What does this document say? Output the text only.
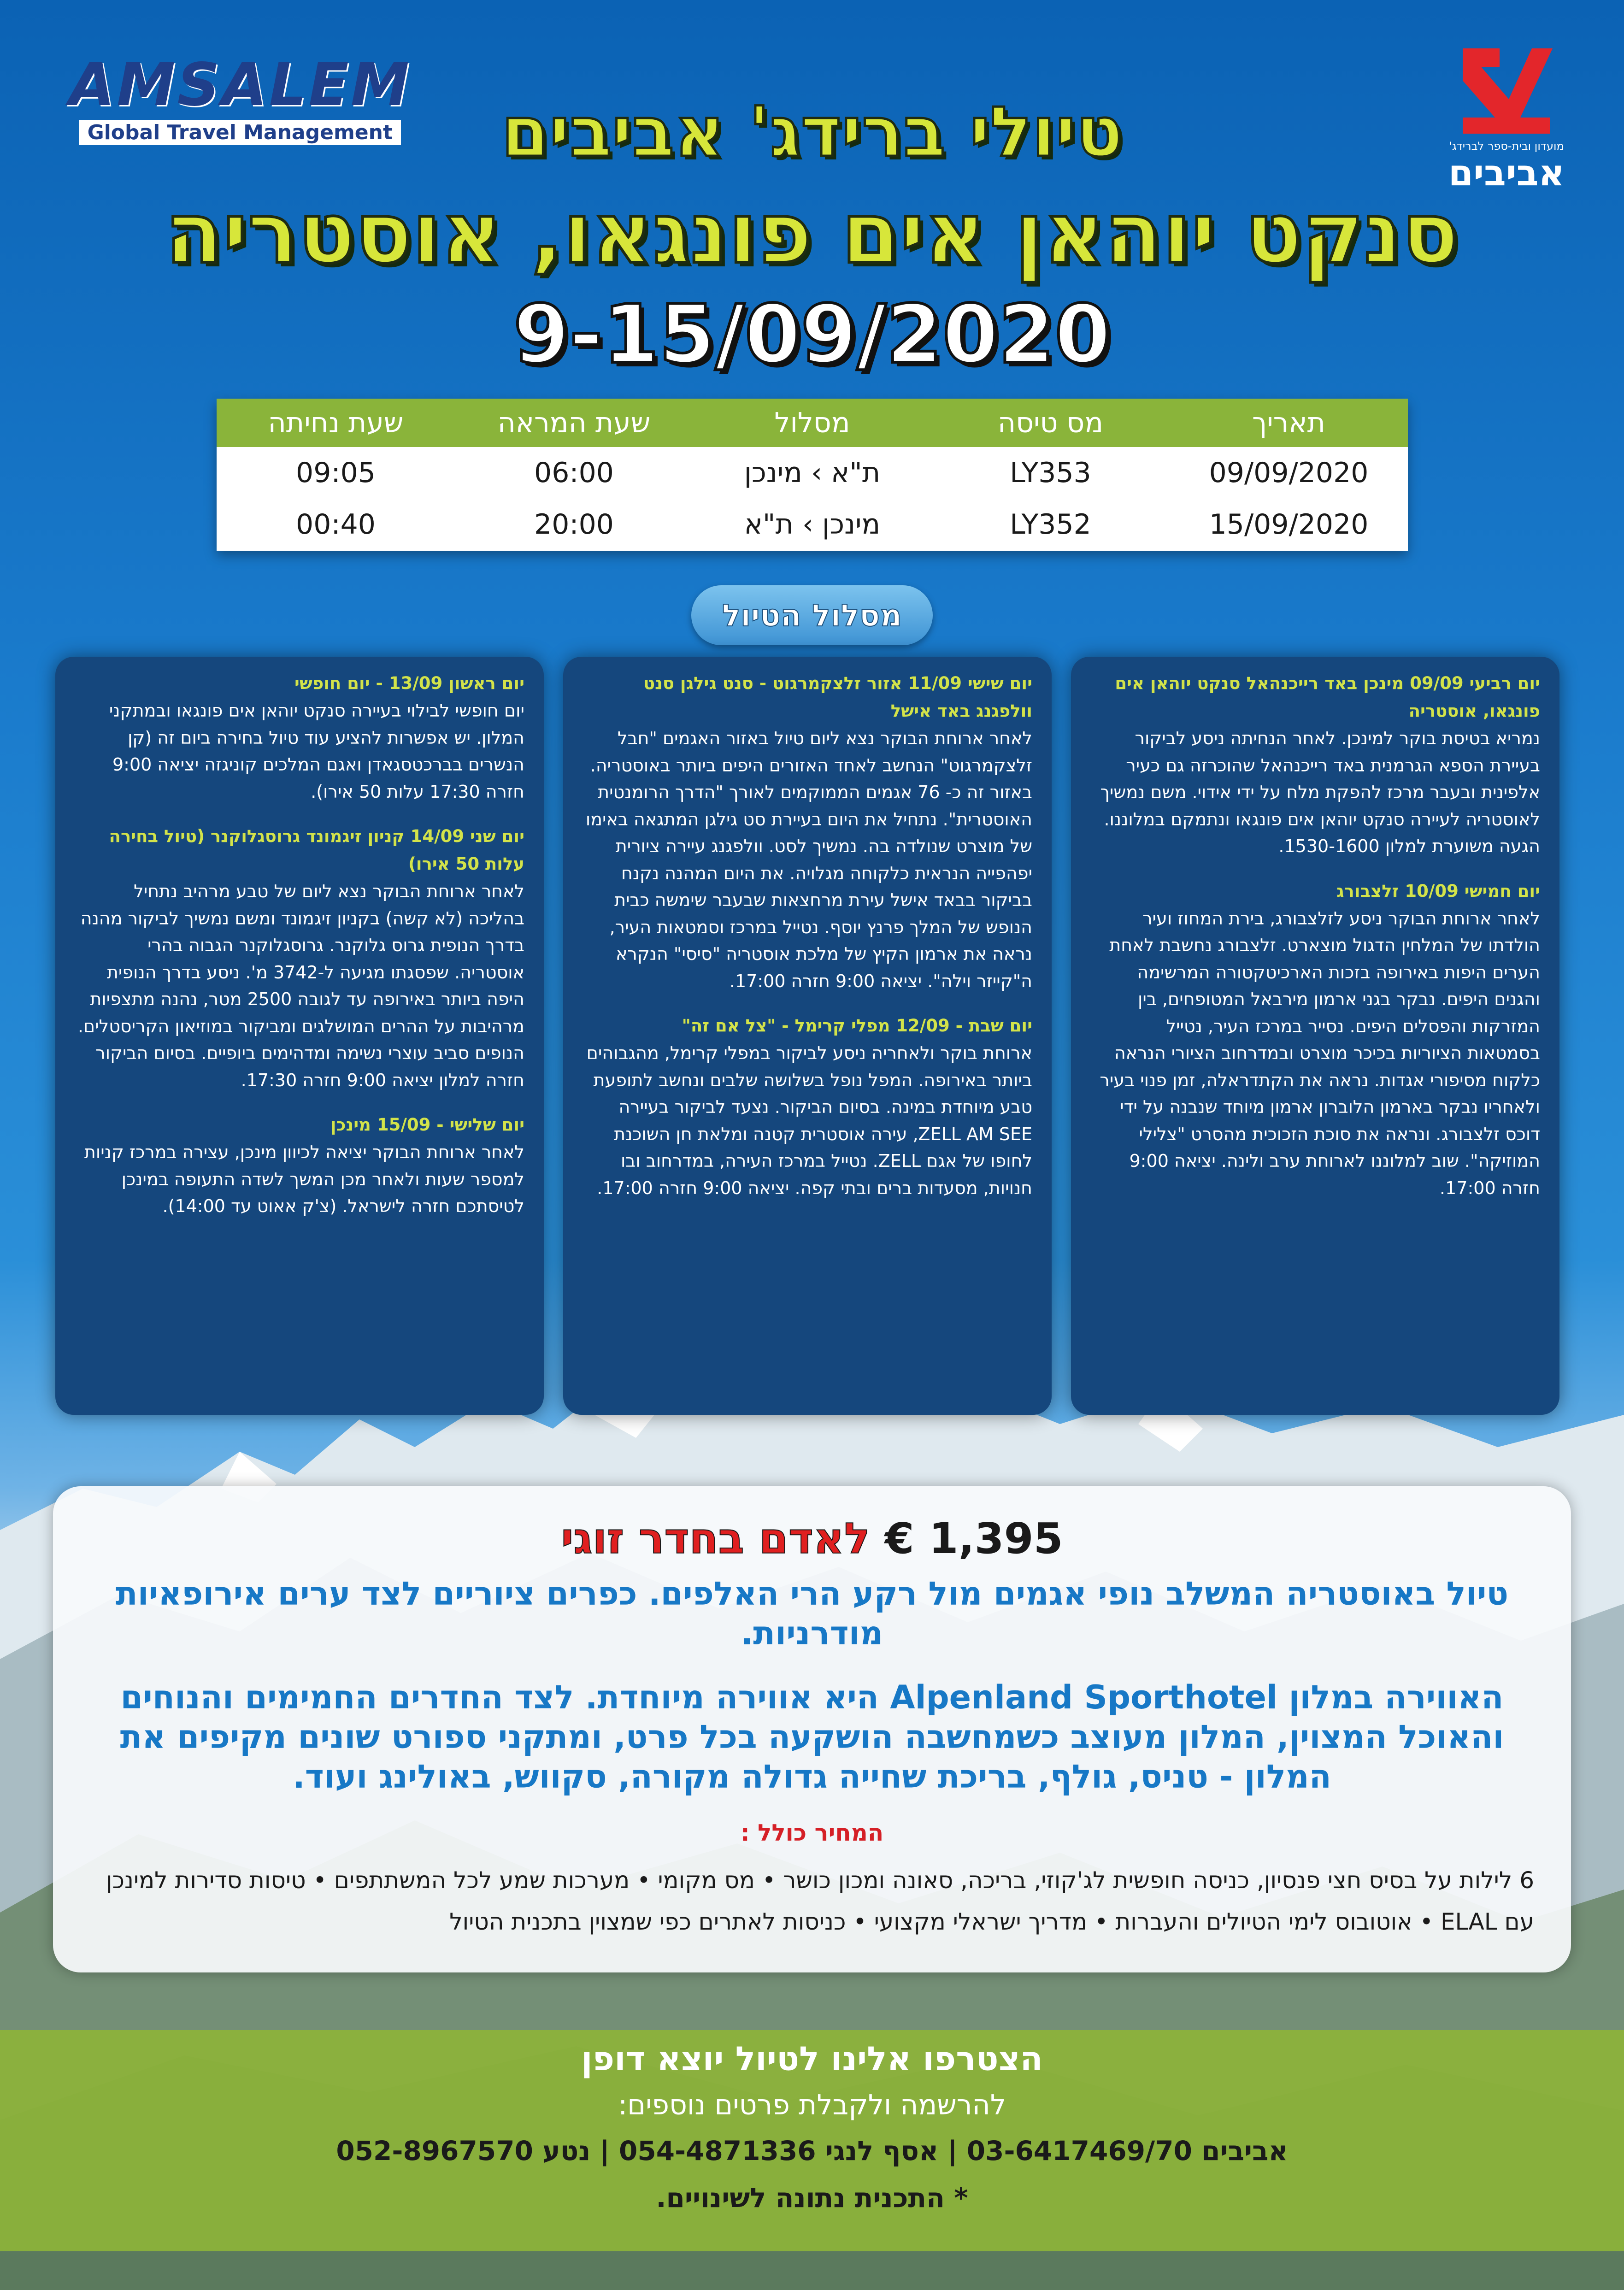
AMSALEM
Global Travel Management
מועדון ובית-ספר לברידג'
אביבים
טיולי ברידג' אביבים
סנקט יוהאן אים פונגאו, אוסטריה
9-15/09/2020
תאריך
מס טיסה
מסלול
שעת המראה
שעת נחיתה
09/09/2020
LY353
ת"א › מינכן
06:00
09:05
15/09/2020
LY352
מינכן › ת"א
20:00
00:40
מסלול הטיול
יום רביעי 09/09 מינכן באד רייכנהאל סנקט יוהאן אים פונגאו, אוסטריה
נמריא בטיסת בוקר למינכן. לאחר הנחיתה ניסע לביקור בעיירת הספא הגרמנית באד רייכנהאל שהוכרזה גם כעיר אלפינית ובעבר מרכז להפקת מלח על ידי אידוי. משם נמשיך לאוסטריה לעיירה סנקט יוהאן אים פונגאו ונתמקם במלוננו. הגעה משוערת למלון 1530-1600.
יום חמישי 10/09 זלצבורג
לאחר ארוחת הבוקר ניסע לזלצבורג, בירת המחוז ועיר הולדתו של המלחין הדגול מוצארט. זלצבורג נחשבת לאחת הערים היפות באירופה בזכות הארכיטקטורה המרשימה והגנים היפים. נבקר בגני ארמון מירבאל המטופחים, בין המזרקות והפסלים היפים. נסייר במרכז העיר, נטייל בסמטאות הציוריות בכיכר מוצרט ובמדרחוב הציורי הנראה כלקוח מסיפורי אגדות. נראה את הקתדראלה, זמן פנוי בעיר ולאחריו נבקר בארמון הלוברון ארמון מיוחד שנבנה על ידי דוכס זלצבורג. ונראה את סוכת הזכוכית מהסרט "צלילי המוזיקה". שוב למלוננו לארוחת ערב ולינה. יציאה 9:00 חזרה 17:00.
יום שישי 11/09 אזור זלצקמרגוט - סנט גילגן סנט וולפגנג באד אישל
לאחר ארוחת הבוקר נצא ליום טיול באזור האגמים "חבל זלצקמרגוט" הנחשב לאחד האזורים היפים ביותר באוסטריה. באזור זה כ- 76 אגמים הממוקמים לאורך "הדרך הרומנטית האוסטרית". נתחיל את היום בעיירת סט גילגן המתגאה באימו של מוצרט שנולדה בה. נמשיך לסט. וולפגנג עיירה ציורית יפהפייה הנראית כלקוחה מגלויה. את היום המהנה נקנח בביקור בבאד אישל עירת מרחצאות שבעבר שימשה כבית הנופש של המלך פרנץ יוסף. נטייל במרכז וסמטאות העיר, נראה את ארמון הקיץ של מלכת אוסטריה "סיסי" הנקרא ה"קייזר וילה". יציאה 9:00 חזרה 17:00.
יום שבת - 12/09 מפלי קרימל - "צל אם זה"
ארוחת בוקר ולאחריה ניסע לביקור במפלי קרימל, מהגבוהים ביותר באירופה. המפל נופל בשלושה שלבים ונחשב לתופעת טבע מיוחדת במינה. בסיום הביקור. נצעד לביקור בעיירה ZELL AM SEE, עירה אוסטרית קטנה ומלאת חן השוכנת לחופו של אגם ZELL. נטייל במרכז העירה, במדרחוב ובו חנויות, מסעדות ברים ובתי קפה. יציאה 9:00 חזרה 17:00.
יום ראשון 13/09 - יום חופשי
יום חופשי לבילוי בעיירה סנקט יוהאן אים פונגאו ובמתקני המלון. יש אפשרות להציע עוד טיול בחירה ביום זה (קן הנשרים בברכטסגאדן ואגם המלכים קוניגזה יציאה 9:00 חזרה 17:30 עלות 50 אירו).
יום שני 14/09 קניון זיגמונד גרוסגלוקנר (טיול בחירה עלות 50 אירו)
לאחר ארוחת הבוקר נצא ליום של טבע מרהיב נתחיל בהליכה (לא קשה) בקניון זיגמונד ומשם נמשיך לביקור מהנה בדרך הנופית גרוס גלוקנר. גרוסגלוקנר הגבוה בהרי אוסטריה. שפסגתו מגיעה ל-3742 מ'. ניסע בדרך הנופית היפה ביותר באירופה עד לגובה 2500 מטר, נהנה מתצפיות מרהיבות על ההרים המושלגים ומביקור במוזיאון הקריסטלים. הנופים סביב עוצרי נשימה ומדהימים ביופיים. בסיום הביקור חזרה למלון יציאה 9:00 חזרה 17:30.
יום שלישי - 15/09 מינכן
לאחר ארוחת הבוקר יציאה לכיוון מינכן, עצירה במרכז קניות למספר שעות ולאחר מכן המשך לשדה התעופה במינכן לטיסתכם חזרה לישראל. (צ'ק אאוט עד 14:00).
1,395 € לאדם בחדר זוגי
טיול באוסטריה המשלב נופי אגמים מול רקע הרי האלפים. כפרים ציוריים לצד ערים אירופאיות מודרניות.
האווירה במלון Alpenland Sporthotel היא אווירה מיוחדת. לצד החדרים החמימים והנוחים והאוכל המצוין, המלון מעוצב כשמחשבה הושקעה בכל פרט, ומתקני ספורט שונים מקיפים את המלון - טניס, גולף, בריכת שחייה גדולה מקורה, סקווש, באולינג ועוד.
המחיר כולל :
6 לילות על בסיס חצי פנסיון, כניסה חופשית לג'קוזי, בריכה, סאונה ומכון כושר • מס מקומי • מערכות שמע לכל המשתתפים • טיסות סדירות למינכן עם ELAL • אוטובוס לימי הטיולים והעברות • מדריך ישראלי מקצועי • כניסות לאתרים כפי שמצוין בתכנית הטיול
הצטרפו אלינו לטיול יוצא דופן
להרשמה ולקבלת פרטים נוספים:
אביבים 03-6417469/70 | אסף לנגי 054-4871336 | נטע 052-8967570
* התכנית נתונה לשינויים.
